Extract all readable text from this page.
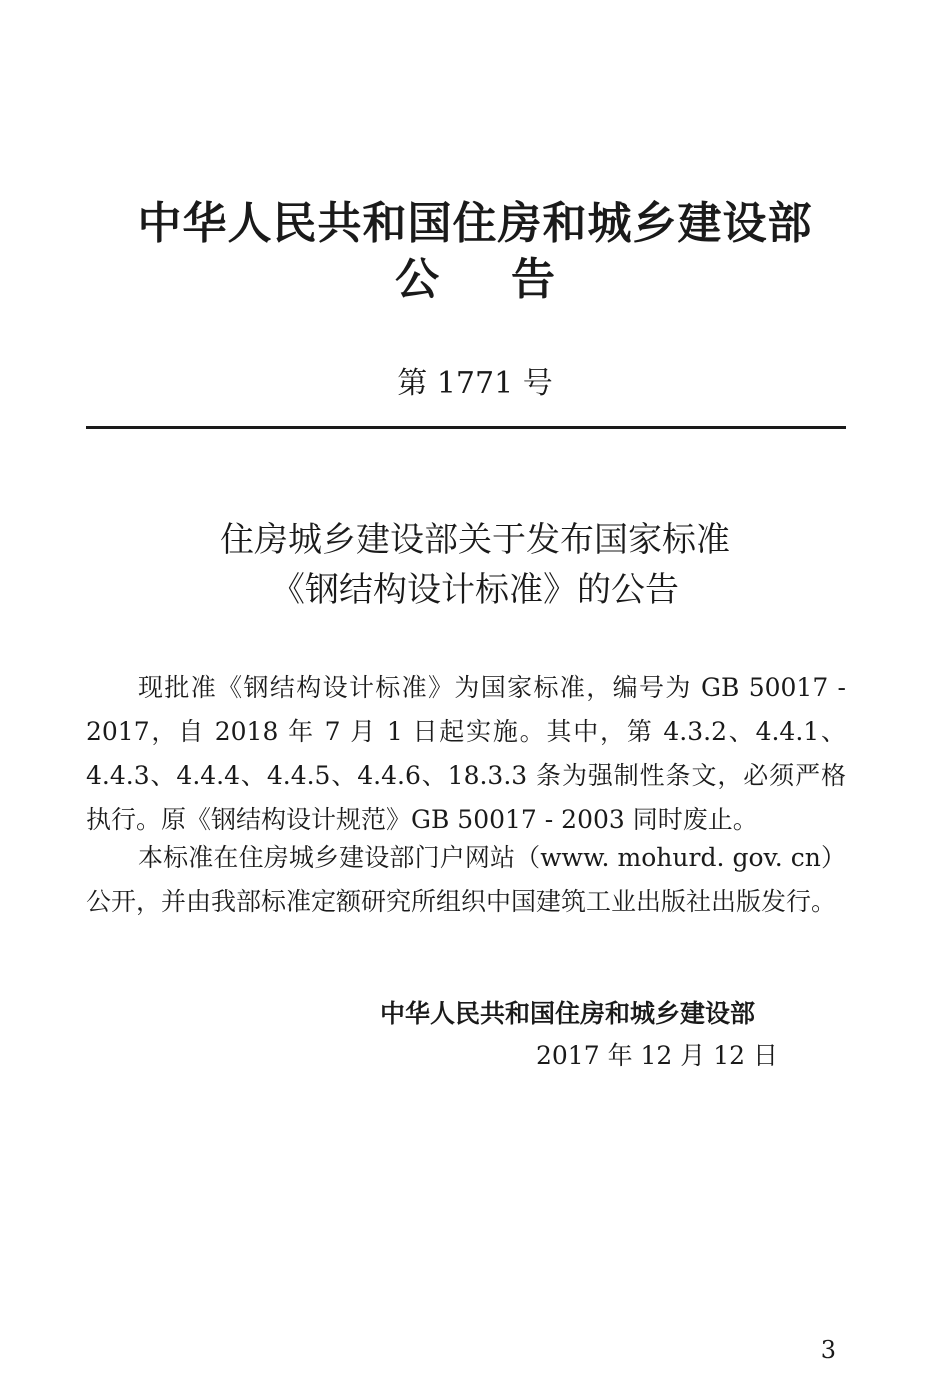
中华人民共和国住房和城乡建设部
公 告

第 1771 号

住房城乡建设部关于发布国家标准

《钢结构设计标准》的公告

现批准《钢结构设计标准》为国家标准，编号为 GB 50017 - 2017，自 2018 年 7 月 1 日起实施。其中，第 4.3.2、4.4.1、4.4.3、4.4.4、4.4.5、4.4.6、18.3.3 条为强制性条文，必须严格执行。原《钢结构设计规范》GB 50017 - 2003 同时废止。

本标准在住房城乡建设部门户网站（www. mohurd. gov. cn）公开，并由我部标准定额研究所组织中国建筑工业出版社出版发行。

中华人民共和国住房和城乡建设部

2017 年 12 月 12 日

3
